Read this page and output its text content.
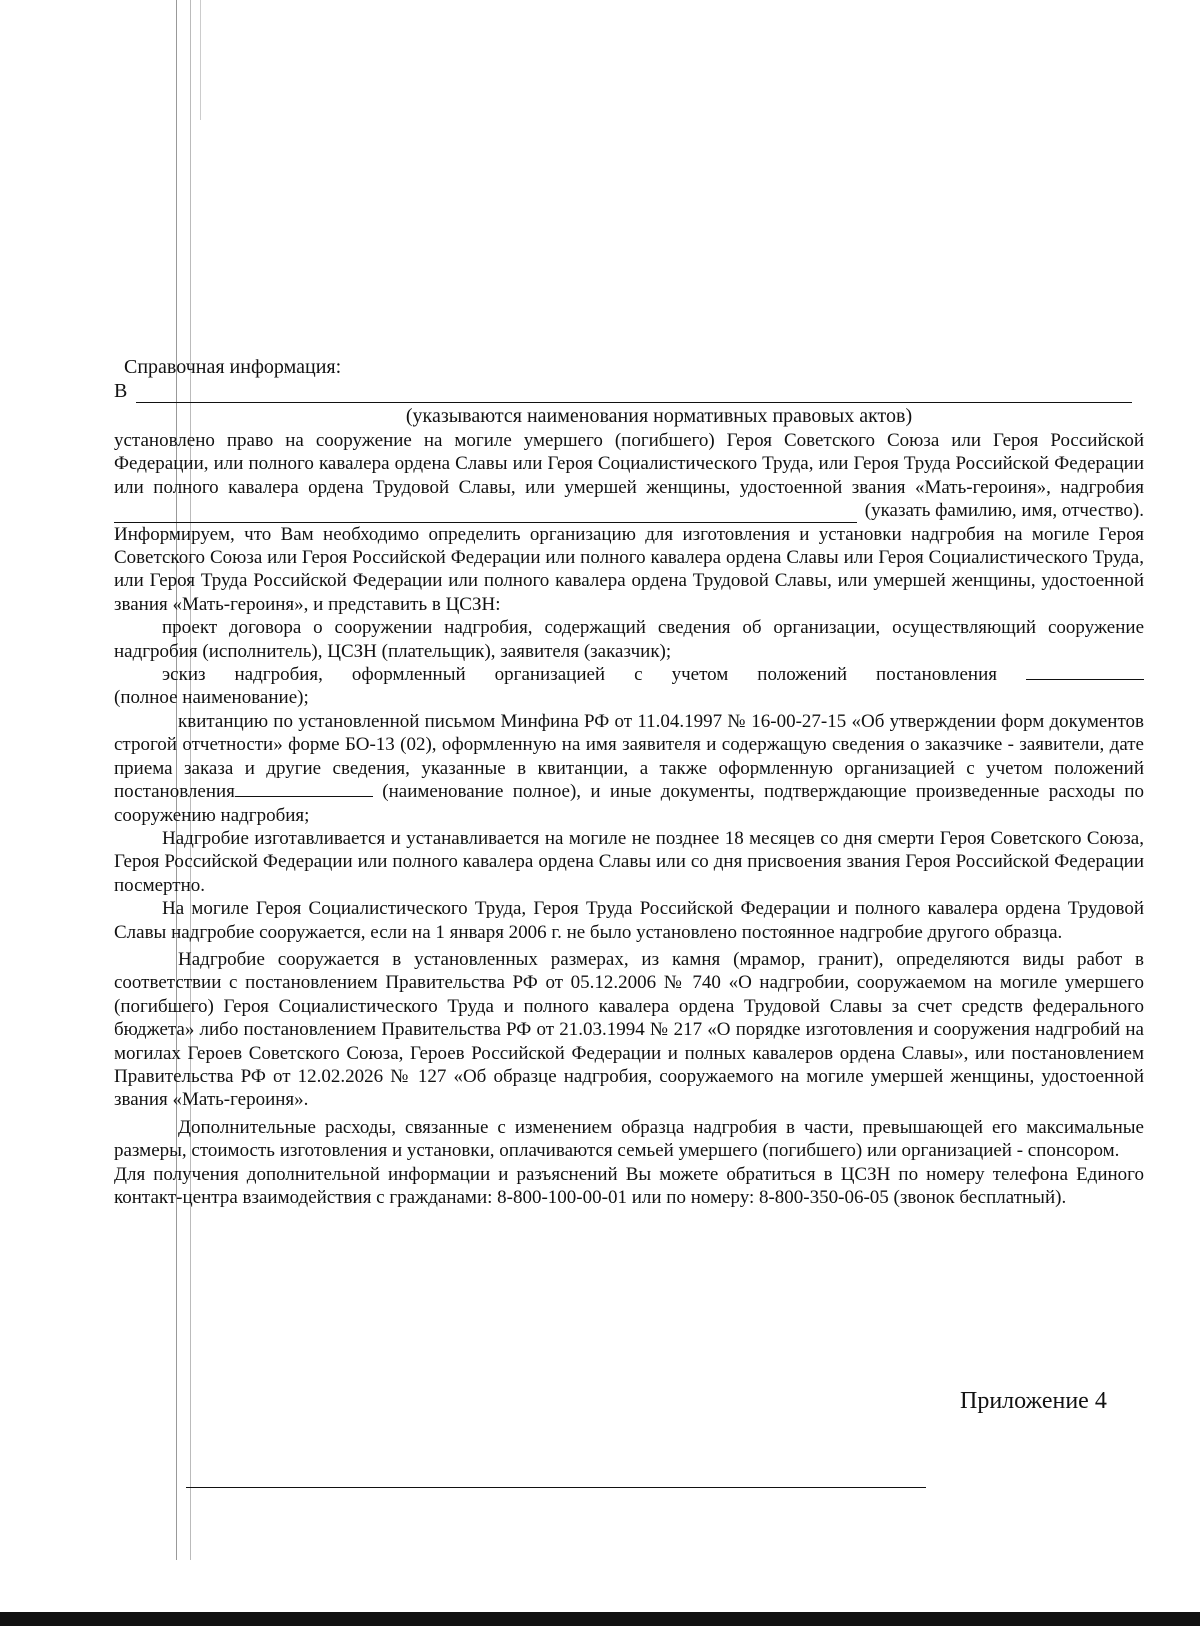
Справочная информация:
В
(указываются наименования нормативных правовых актов)

установлено право на сооружение на могиле умершего (погибшего) Героя Советского Союза или Героя Российской Федерации, или полного кавалера ордена Славы или Героя Социалистического Труда, или Героя Труда Российской Федерации или полного кавалера ордена Трудовой Славы, или умершей женщины, удостоенной звания «Мать-героиня», надгробия

(указать фамилию, имя, отчество).

Информируем, что Вам необходимо определить организацию для изготовления и установки надгробия на могиле Героя Советского Союза или Героя Российской Федерации или полного кавалера ордена Славы или Героя Социалистического Труда, или Героя Труда Российской Федерации или полного кавалера ордена Трудовой Славы, или умершей женщины, удостоенной звания «Мать-героиня», и представить в ЦСЗН:

проект договора о сооружении надгробия, содержащий сведения об организации, осуществляющий сооружение надгробия (исполнитель), ЦСЗН (плательщик), заявителя (заказчик);

эскиз надгробия, оформленный организацией с учетом положений постановления

(полное наименование);

квитанцию по установленной письмом Минфина РФ от 11.04.1997 № 16-00-27-15 «Об утверждении форм документов строгой отчетности» форме БО-13 (02), оформленную на имя заявителя и содержащую сведения о заказчике - заявители, дате приема заказа и другие сведения, указанные в квитанции, а также оформленную организацией с учетом положений постановления	(наименование полное), и иные документы, подтверждающие произведенные расходы по сооружению надгробия;

Надгробие изготавливается и устанавливается на могиле не позднее 18 месяцев со дня смерти Героя Советского Союза, Героя Российской Федерации или полного кавалера ордена Славы или со дня присвоения звания Героя Российской Федерации посмертно.

На могиле Героя Социалистического Труда, Героя Труда Российской Федерации и полного кавалера ордена Трудовой Славы надгробие сооружается, если на 1 января 2006 г. не было установлено постоянное надгробие другого образца.

Надгробие сооружается в установленных размерах, из камня (мрамор, гранит), определяются виды работ в соответствии с постановлением Правительства РФ от 05.12.2006 № 740 «О надгробии, сооружаемом на могиле умершего (погибшего) Героя Социалистического Труда и полного кавалера ордена Трудовой Славы за счет средств федерального бюджета» либо постановлением Правительства РФ от 21.03.1994 № 217 «О порядке изготовления и сооружения надгробий на могилах Героев Советского Союза, Героев Российской Федерации и полных кавалеров ордена Славы», или постановлением Правительства РФ от 12.02.2026 № 127 «Об образце надгробия, сооружаемого на могиле умершей женщины, удостоенной звания «Мать-героиня».

Дополнительные расходы, связанные с изменением образца надгробия в части, превышающей его максимальные размеры, стоимость изготовления и установки, оплачиваются семьей умершего (погибшего) или организацией - спонсором.

Для получения дополнительной информации и разъяснений Вы можете обратиться в ЦСЗН по номеру телефона Единого контакт-центра взаимодействия с гражданами: 8-800-100-00-01 или по номеру: 8-800-350-06-05 (звонок бесплатный).

Приложение 4
